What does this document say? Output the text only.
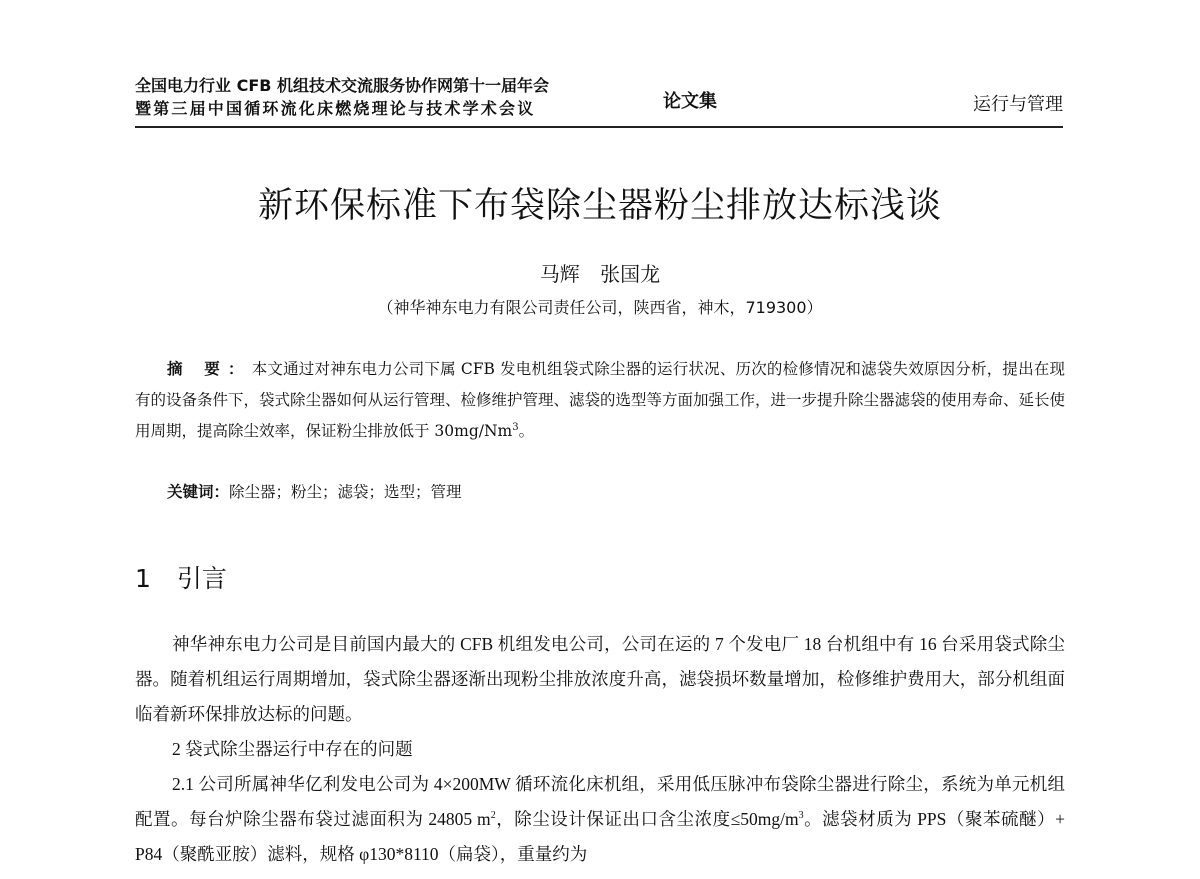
全国电力行业 CFB 机组技术交流服务协作网第十一届年会
暨第三届中国循环流化床燃烧理论与技术学术会议	论文集	运行与管理
新环保标准下布袋除尘器粉尘排放达标浅谈
马辉 张国龙
（神华神东电力有限公司责任公司，陕西省，神木，719300）
摘 要：本文通过对神东电力公司下属 CFB 发电机组袋式除尘器的运行状况、历次的检修情况和滤袋失效原因分析，提出在现有的设备条件下，袋式除尘器如何从运行管理、检修维护管理、滤袋的选型等方面加强工作，进一步提升除尘器滤袋的使用寿命、延长使用周期，提高除尘效率，保证粉尘排放低于 30mg/Nm$^3$。
关键词：除尘器；粉尘；滤袋；选型；管理
1 引言
神华神东电力公司是目前国内最大的 CFB 机组发电公司，公司在运的 7 个发电厂 18 台机组中有 16 台采用袋式除尘器。随着机组运行周期增加，袋式除尘器逐渐出现粉尘排放浓度升高，滤袋损坏数量增加，检修维护费用大，部分机组面临着新环保排放达标的问题。
2 袋式除尘器运行中存在的问题
2.1 公司所属神华亿利发电公司为 4×200MW 循环流化床机组，采用低压脉冲布袋除尘器进行除尘，系统为单元机组配置。每台炉除尘器布袋过滤面积为 24805 $m^2$，除尘设计保证出口含尘浓度$\le 50mg/m^3$。滤袋材质为 PPS（聚苯硫醚）+ P84（聚酰亚胺）滤料，规格 φ130*8110（扁袋），重量约为
